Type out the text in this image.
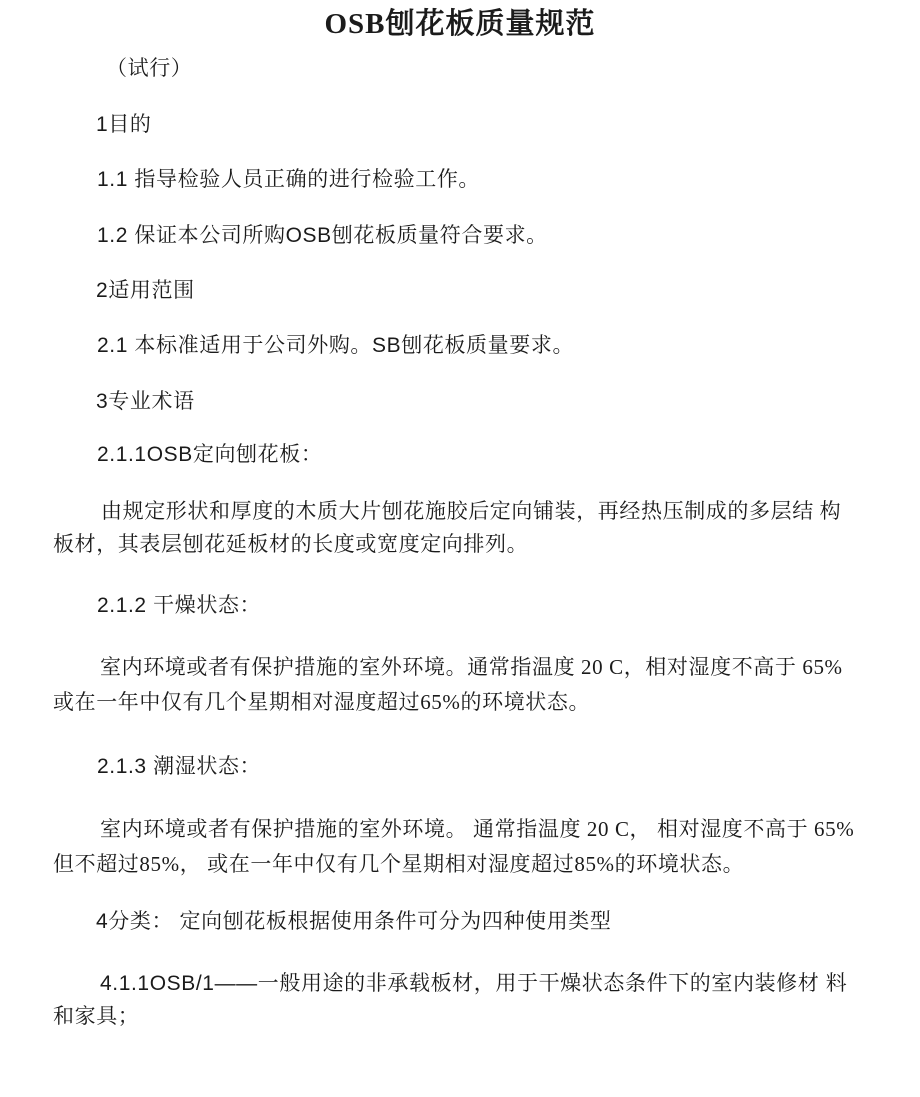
OSB刨花板质量规范
（试行）
1目的
1.1 指导检验人员正确的进行检验工作。
1.2 保证本公司所购OSB刨花板质量符合要求。
2适用范围
2.1 本标准适用于公司外购。SB刨花板质量要求。
3专业术语
2.1.1OSB定向刨花板：
由规定形状和厚度的木质大片刨花施胶后定向铺装，再经热压制成的多层结 构
板材，其表层刨花延板材的长度或宽度定向排列。
2.1.2 干燥状态：
室内环境或者有保护措施的室外环境。通常指温度 20 C，相对湿度不高于 65%
或在一年中仅有几个星期相对湿度超过65%的环境状态。
2.1.3 潮湿状态：
室内环境或者有保护措施的室外环境。 通常指温度 20 C， 相对湿度不高于 65%
但不超过85%， 或在一年中仅有几个星期相对湿度超过85%的环境状态。
4分类： 定向刨花板根据使用条件可分为四种使用类型
4.1.1OSB/1——一般用途的非承载板材，用于干燥状态条件下的室内装修材 料
和家具；
